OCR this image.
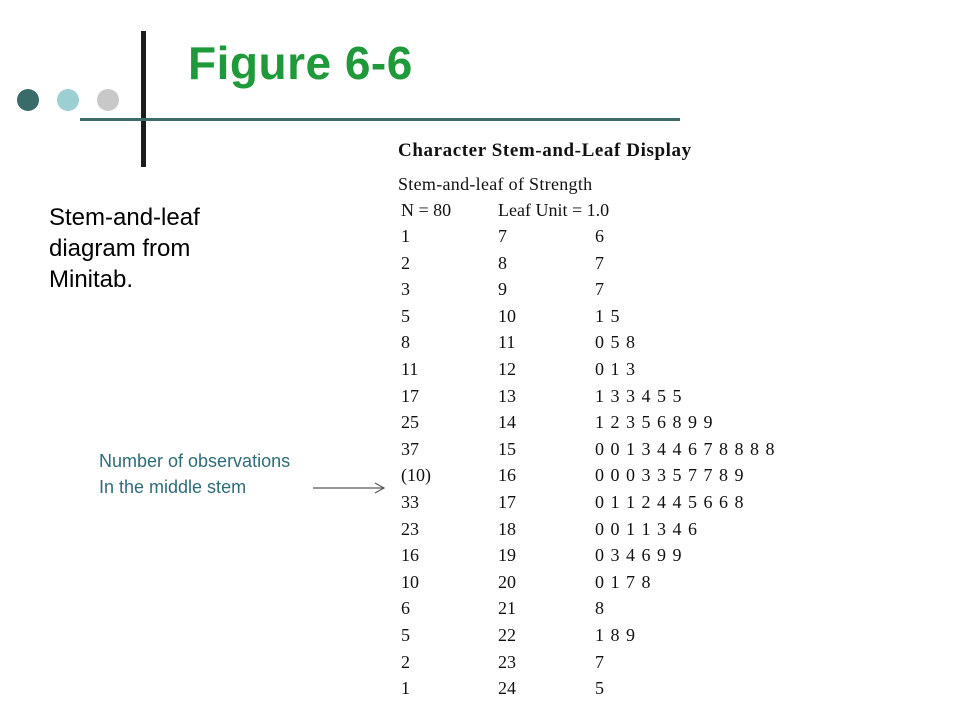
Figure 6-6
Stem-and-leaf diagram from Minitab.
Number of observations
In the middle stem
Character Stem-and-Leaf Display
Stem-and-leaf of Strength
N = 80	Leaf Unit = 1.0
1	7	6
2	8	7
3	9	7
5	10	1 5
8	11	0 5 8
11	12	0 1 3
17	13	1 3 3 4 5 5
25	14	1 2 3 5 6 8 9 9
37	15	0 0 1 3 4 4 6 7 8 8 8 8
(10)	16	0 0 0 3 3 5 7 7 8 9
33	17	0 1 1 2 4 4 5 6 6 8
23	18	0 0 1 1 3 4 6
16	19	0 3 4 6 9 9
10	20	0 1 7 8
6	21	8
5	22	1 8 9
2	23	7
1	24	5
